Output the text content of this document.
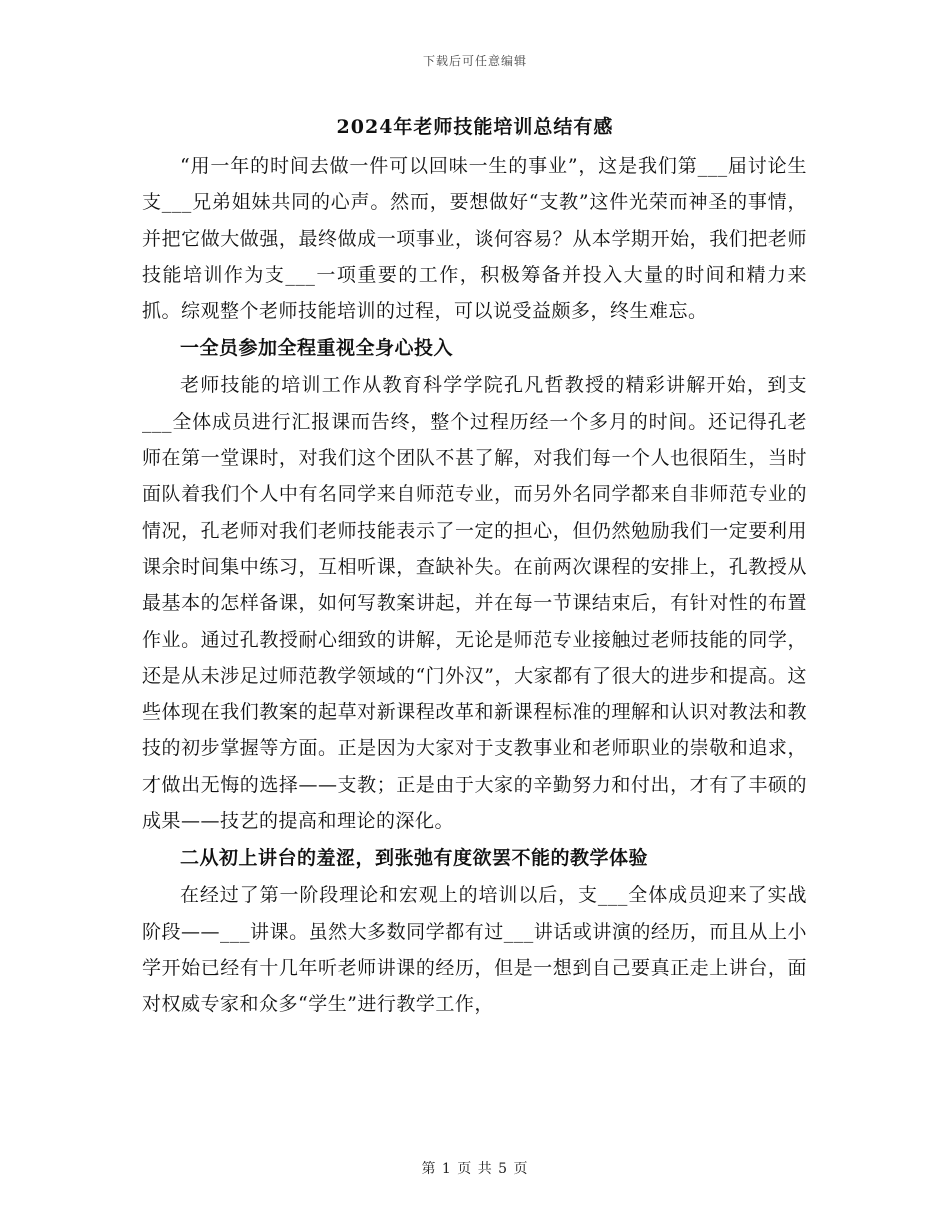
下载后可任意编辑
2024年老师技能培训总结有感

“用一年的时间去做一件可以回味一生的事业”，这是我们第___届讨论生支___兄弟姐妹共同的心声。然而，要想做好“支教”这件光荣而神圣的事情，并把它做大做强，最终做成一项事业，谈何容易？从本学期开始，我们把老师技能培训作为支___一项重要的工作，积极筹备并投入大量的时间和精力来抓。综观整个老师技能培训的过程，可以说受益颇多，终生难忘。

一全员参加全程重视全身心投入

老师技能的培训工作从教育科学学院孔凡哲教授的精彩讲解开始，到支___全体成员进行汇报课而告终，整个过程历经一个多月的时间。还记得孔老师在第一堂课时，对我们这个团队不甚了解，对我们每一个人也很陌生，当时面队着我们个人中有名同学来自师范专业，而另外名同学都来自非师范专业的情况，孔老师对我们老师技能表示了一定的担心，但仍然勉励我们一定要利用课余时间集中练习，互相听课，查缺补失。在前两次课程的安排上，孔教授从最基本的怎样备课，如何写教案讲起，并在每一节课结束后，有针对性的布置作业。通过孔教授耐心细致的讲解，无论是师范专业接触过老师技能的同学，还是从未涉足过师范教学领域的“门外汉”，大家都有了很大的进步和提高。这些体现在我们教案的起草对新课程改革和新课程标准的理解和认识对教法和教技的初步掌握等方面。正是因为大家对于支教事业和老师职业的崇敬和追求，才做出无悔的选择——支教；正是由于大家的辛勤努力和付出，才有了丰硕的成果——技艺的提高和理论的深化。

二从初上讲台的羞涩，到张弛有度欲罢不能的教学体验

在经过了第一阶段理论和宏观上的培训以后，支___全体成员迎来了实战阶段——___讲课。虽然大多数同学都有过___讲话或讲演的经历，而且从上小学开始已经有十几年听老师讲课的经历，但是一想到自己要真正走上讲台，面对权威专家和众多“学生”进行教学工作，

第 1 页 共 5 页
